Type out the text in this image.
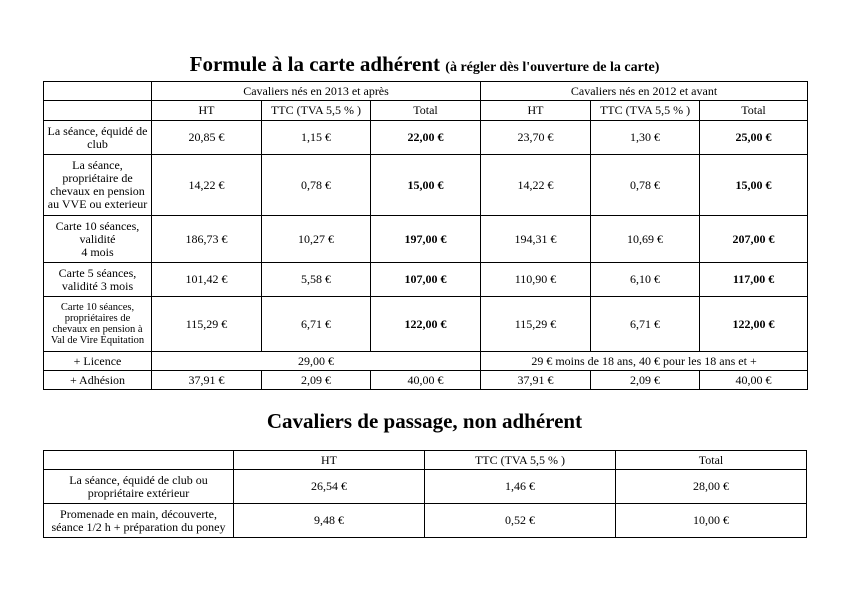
Formule à la carte adhérent (à régler dès l'ouverture de la carte)
	Cavaliers nés en 2013 et après			Cavaliers nés en 2012 et avant		
	HT	TTC (TVA 5,5 % )	Total	HT	TTC (TVA 5,5 % )	Total
La séance, équidé de club	20,85 €	1,15 €	22,00 €	23,70 €	1,30 €	25,00 €
La séance, propriétaire de chevaux en pension au VVE ou exterieur	14,22 €	0,78 €	15,00 €	14,22 €	0,78 €	15,00 €
Carte 10 séances, validité
4 mois	186,73 €	10,27 €	197,00 €	194,31 €	10,69 €	207,00 €
Carte 5 séances, validité 3 mois	101,42 €	5,58 €	107,00 €	110,90 €	6,10 €	117,00 €
Carte 10 séances, propriétaires de chevaux en pension à Val de Vire Equitation	115,29 €	6,71 €	122,00 €	115,29 €	6,71 €	122,00 €
+ Licence	29,00 €			29 € moins de 18 ans, 40 € pour les 18 ans et +		
+ Adhésion	37,91 €	2,09 €	40,00 €	37,91 €	2,09 €	40,00 €
Cavaliers de passage, non adhérent
	HT	TTC (TVA 5,5 % )	Total
La séance, équidé de club ou propriétaire extérieur	26,54 €	1,46 €	28,00 €
Promenade en main, découverte, séance 1/2 h + préparation du poney	9,48 €	0,52 €	10,00 €
